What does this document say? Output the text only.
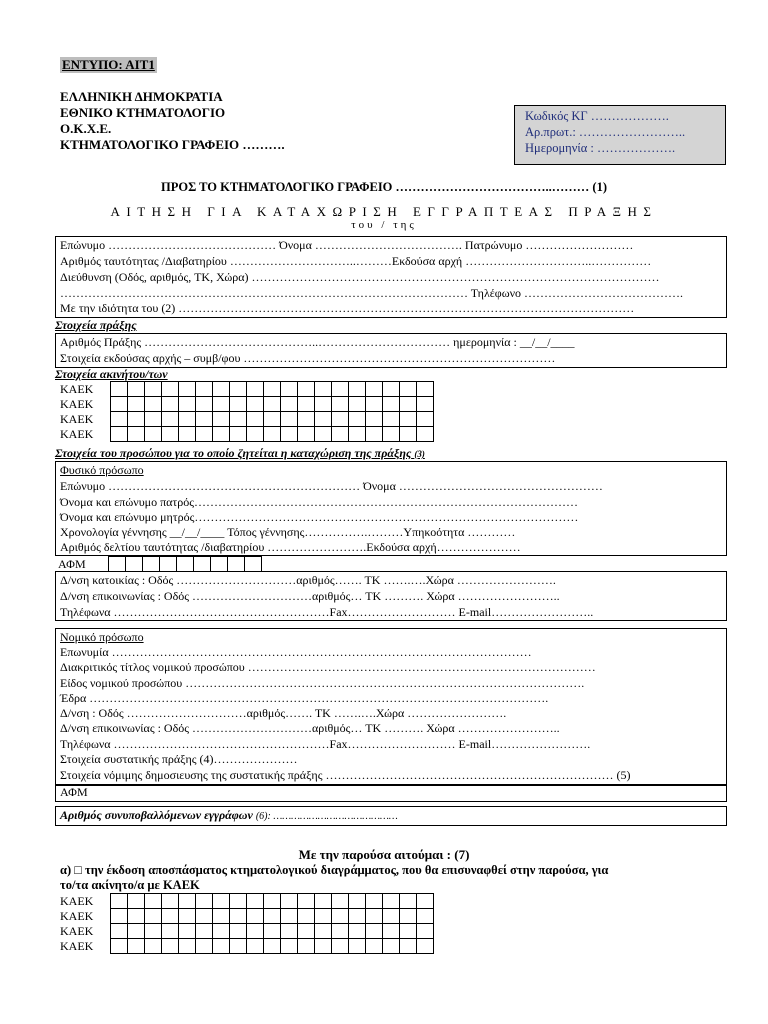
ΕΝΤΥΠΟ: ΑΙΤ1
ΕΛΛΗΝΙΚΗ ΔΗΜΟΚΡΑΤΙΑ
ΕΘΝΙΚΟ ΚΤΗΜΑΤΟΛΟΓΙΟ
Ο.Κ.Χ.Ε.
ΚΤΗΜΑΤΟΛΟΓΙΚΟ ΓΡΑΦΕΙΟ ……….
Κωδικός ΚΓ ……………….
Αρ.πρωτ.: ……………………..
Ημερομηνία : ……………….
ΠΡΟΣ ΤΟ ΚΤΗΜΑΤΟΛΟΓΙΚΟ ΓΡΑΦΕΙΟ ………………………………..……… (1)
ΑΙΤΗΣΗ ΓΙΑ ΚΑΤΑΧΩΡΙΣΗ ΕΓΓΡΑΠΤΕΑΣ ΠΡΑΞΗΣ
του / της
Επώνυμο …………………………………… Όνομα ………………………………. Πατρώνυμο ………………………
Αριθμός ταυτότητας /Διαβατηρίου …………………………..………Εκδούσα αρχή …………………………..……………
Διεύθυνση (Οδός, αριθμός, ΤΚ, Χώρα) …………………………………………………………………………………………
………………………………………………………………………………………… Τηλέφωνο ………………………………….
Με την ιδιότητα του (2) ……………………………………………………………………………………………………
Στοιχεία πράξης
Αριθμός Πράξης ……………………………………..…………………………… ημερομηνία : __/__/____
Στοιχεία εκδούσας αρχής – συμβ/φου ……………………………………………………………………
Στοιχεία ακινήτου/των
ΚΑΕΚ																			
ΚΑΕΚ																			
ΚΑΕΚ																			
ΚΑΕΚ																			
Στοιχεία του προσώπου για το οποίο ζητείται η καταχώριση της πράξης (3)
Φυσικό πρόσωπο
Επώνυμο ……………………………………………………… Όνομα ……………………………………………
Όνομα και επώνυμο πατρός……………………………………………………………………………………
Όνομα και επώνυμο μητρός……………………………………………………………………………………
Χρονολογία γέννησης __/__/____ Τόπος γέννησης…………….………Υπηκοότητα …………
Αριθμός δελτίου ταυτότητας /διαβατηρίου …………………….Εκδούσα αρχή…………………
ΑΦΜ									
Δ/νση κατοικίας : Οδός …………………………αριθμός……. ΤΚ …….….Χώρα …………………….
Δ/νση επικοινωνίας : Οδός …………………………αριθμός… ΤΚ ………. Χώρα ……………………..
Τηλέφωνα ………………………………………………Fax……………………… E-mail……………………..
Νομικό πρόσωπο
Επωνυμία ……………………………………………………………………………………………
Διακριτικός τίτλος νομικού προσώπου ……………………………………………………………………………
Είδος νομικού προσώπου ……………………………………………………………………………………….
Έδρα …………………………………………………………………………………………………….
Δ/νση : Οδός …………………………αριθμός……. ΤΚ …….….Χώρα …………………….
Δ/νση επικοινωνίας : Οδός …………………………αριθμός… ΤΚ ………. Χώρα ……………………..
Τηλέφωνα ………………………………………………Fax……………………… E-mail…………………….
Στοιχεία συστατικής πράξης (4)…………………
Στοιχεία νόμιμης δημοσιευσης της συστατικής πράξης ……………………………………………………………… (5)
ΑΦΜ
Αριθμός συνυποβαλλόμενων εγγράφων (6): ……………………………………
Με την παρούσα αιτούμαι : (7)
α) □ την έκδοση αποσπάσματος κτηματολογικού διαγράμματος, που θα επισυναφθεί στην παρούσα, για
το/τα ακίνητο/α με ΚΑΕΚ
ΚΑΕΚ																			
ΚΑΕΚ																			
ΚΑΕΚ																			
ΚΑΕΚ																			
